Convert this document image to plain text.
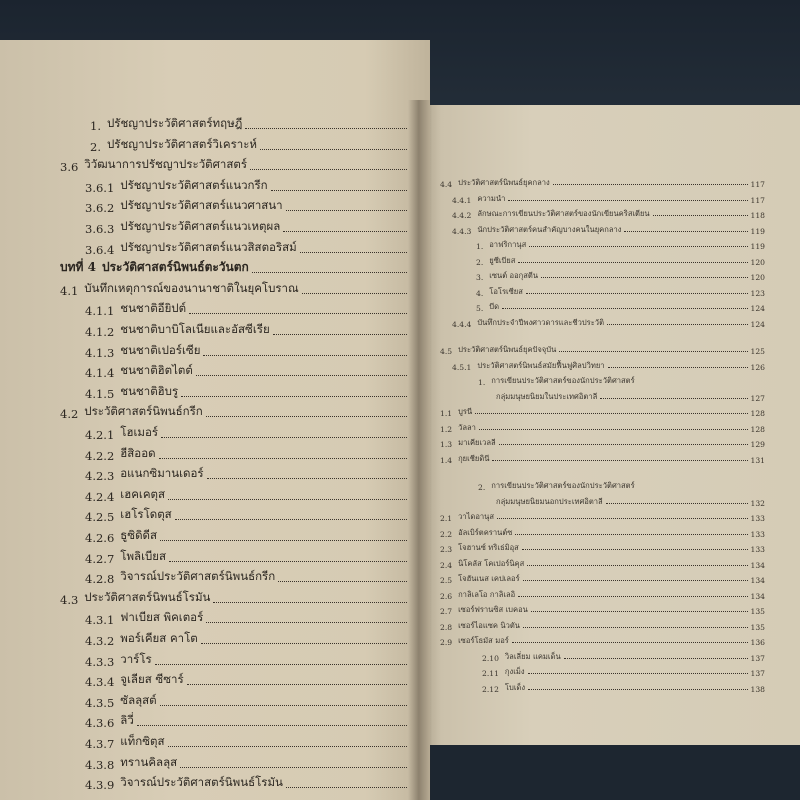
1. ปรัชญาประวัติศาสตร์ทฤษฎี
2. ปรัชญาประวัติศาสตร์วิเคราะห์
3.6 วิวัฒนาการปรัชญาประวัติศาสตร์
3.6.1 ปรัชญาประวัติศาสตร์แนวกรีก
3.6.2 ปรัชญาประวัติศาสตร์แนวศาสนา
3.6.3 ปรัชญาประวัติศาสตร์แนวเหตุผล
3.6.4 ปรัชญาประวัติศาสตร์แนวสิสตอริสม์
บทที่ 4 ประวัติศาสตร์นิพนธ์ตะวันตก
4.1 บันทึกเหตุการณ์ของนานาชาติในยุคโบราณ
4.1.1 ชนชาติอียิปต์
4.1.2 ชนชาติบาบิโลเนียและอัสซีเรีย
4.1.3 ชนชาติเปอร์เซีย
4.1.4 ชนชาติฮิตไตต์
4.1.5 ชนชาติฮิบรู
4.2 ประวัติศาสตร์นิพนธ์กรีก
4.2.1 โฮเมอร์
4.2.2 ฮีสิออด
4.2.3 อแนกซิมานเดอร์
4.2.4 เฮคเคตุส
4.2.5 เฮโรโดตุส
4.2.6 ธูซิดิดีส
4.2.7 โพลิเบียส
4.2.8 วิจารณ์ประวัติศาสตร์นิพนธ์กรีก
4.3 ประวัติศาสตร์นิพนธ์โรมัน
4.3.1 ฟาเบียส พิคเตอร์
4.3.2 พอร์เคียส คาโต
4.3.3 วาร์โร
4.3.4 จูเลียส ซีซาร์
4.3.5 ซัลลุสต์
4.3.6 ลิวี่
4.3.7 แท็กซิตุส
4.3.8 ทรานคิลลุส
4.3.9 วิจารณ์ประวัติศาสตร์นิพนธ์โรมัน
4.4 ประวัติศาสตร์นิพนธ์ยุคกลาง	117
4.4.1 ความนำ	117
4.4.2 ลักษณะการเขียนประวัติศาสตร์ของนักเขียนคริสเตียน	118
4.4.3 นักประวัติศาสตร์คนสำคัญบางคนในยุคกลาง	119
1. อาฟริกานุส	119
2. ยูซีเบียส	120
3. เซนต์ ออกุสตีน	120
4. โอโรเซียส	123
5. บีด	124
4.4.4 บันทึกประจำปีพงศาวดารและชีวประวัติ	124
4.5 ประวัติศาสตร์นิพนธ์ยุคปัจจุบัน	125
4.5.1 ประวัติศาสตร์นิพนธ์สมัยฟื้นฟูศิลปวิทยา	126
1. การเขียนประวัติศาสตร์ของนักประวัติศาสตร์
กลุ่มมนุษยนิยมในประเทศอิตาลี	127
1.1 บูรนี	128
1.2 วัลลา	128
1.3 มาเคียเวลลี	129
1.4 กุยเชียดินี	131
2. การเขียนประวัติศาสตร์ของนักประวัติศาสตร์
กลุ่มมนุษยนิยมนอกประเทศอิตาลี	132
2.1 วาไดอานุส	133
2.2 อัลเบิร์ตครานต์ซ	133
2.3 โจฮานซ์ ทริเธ่มิอุส	133
2.4 นิโคลัส โคเปอร์นิคุส	134
2.5 โจฮันเนส เคปเลอร์	134
2.6 กาลิเลโอ กาลิเลอิ	134
2.7 เซอร์ฟรานซิส เบคอน	135
2.8 เซอร์ไอแซค นิวตัน	135
2.9 เซอร์โธมัส มอร์	136
2.10 วิลเลี่ยม แคมเด็น	137
2.11 กุงเม็ง	137
2.12 โบเด็ง	138
